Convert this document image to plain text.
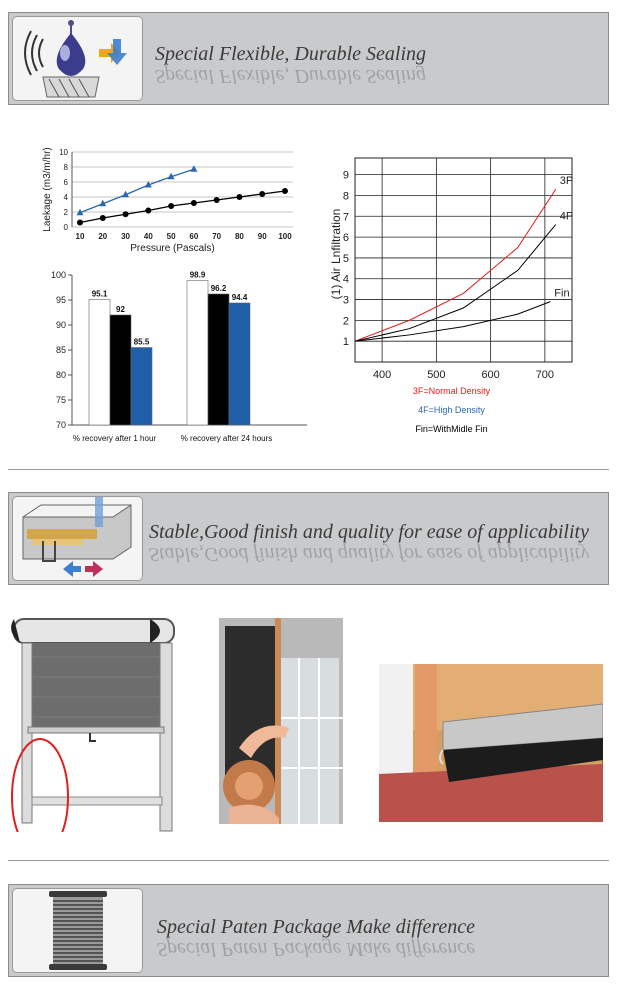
Special Flexible, Durable Sealing
Special Flexible, Durable Sealing
0
2
4
6
8
10
10 20 30 40 50 60 70 80 90 100
Pressure (Pascals)
Laekage (m3/m/hr)
70
75
80
85
90
95
100
95.1
92
85.5
% recovery after 1 hour
98.9
96.2
94.4
% recovery after 24 hours
1
2
3
4
5
6
7
8
9
400	500	600	700
(1) Air Lnfiltration
3P
4P
Fin
3F=Normal Density
4F=High Density
Fin=WithMidle Fin
Stable,Good finish and quality for ease of applicability
Stable,Good finish and quality for ease of applicability
Special Paten Package Make difference
Special Paten Package Make difference
